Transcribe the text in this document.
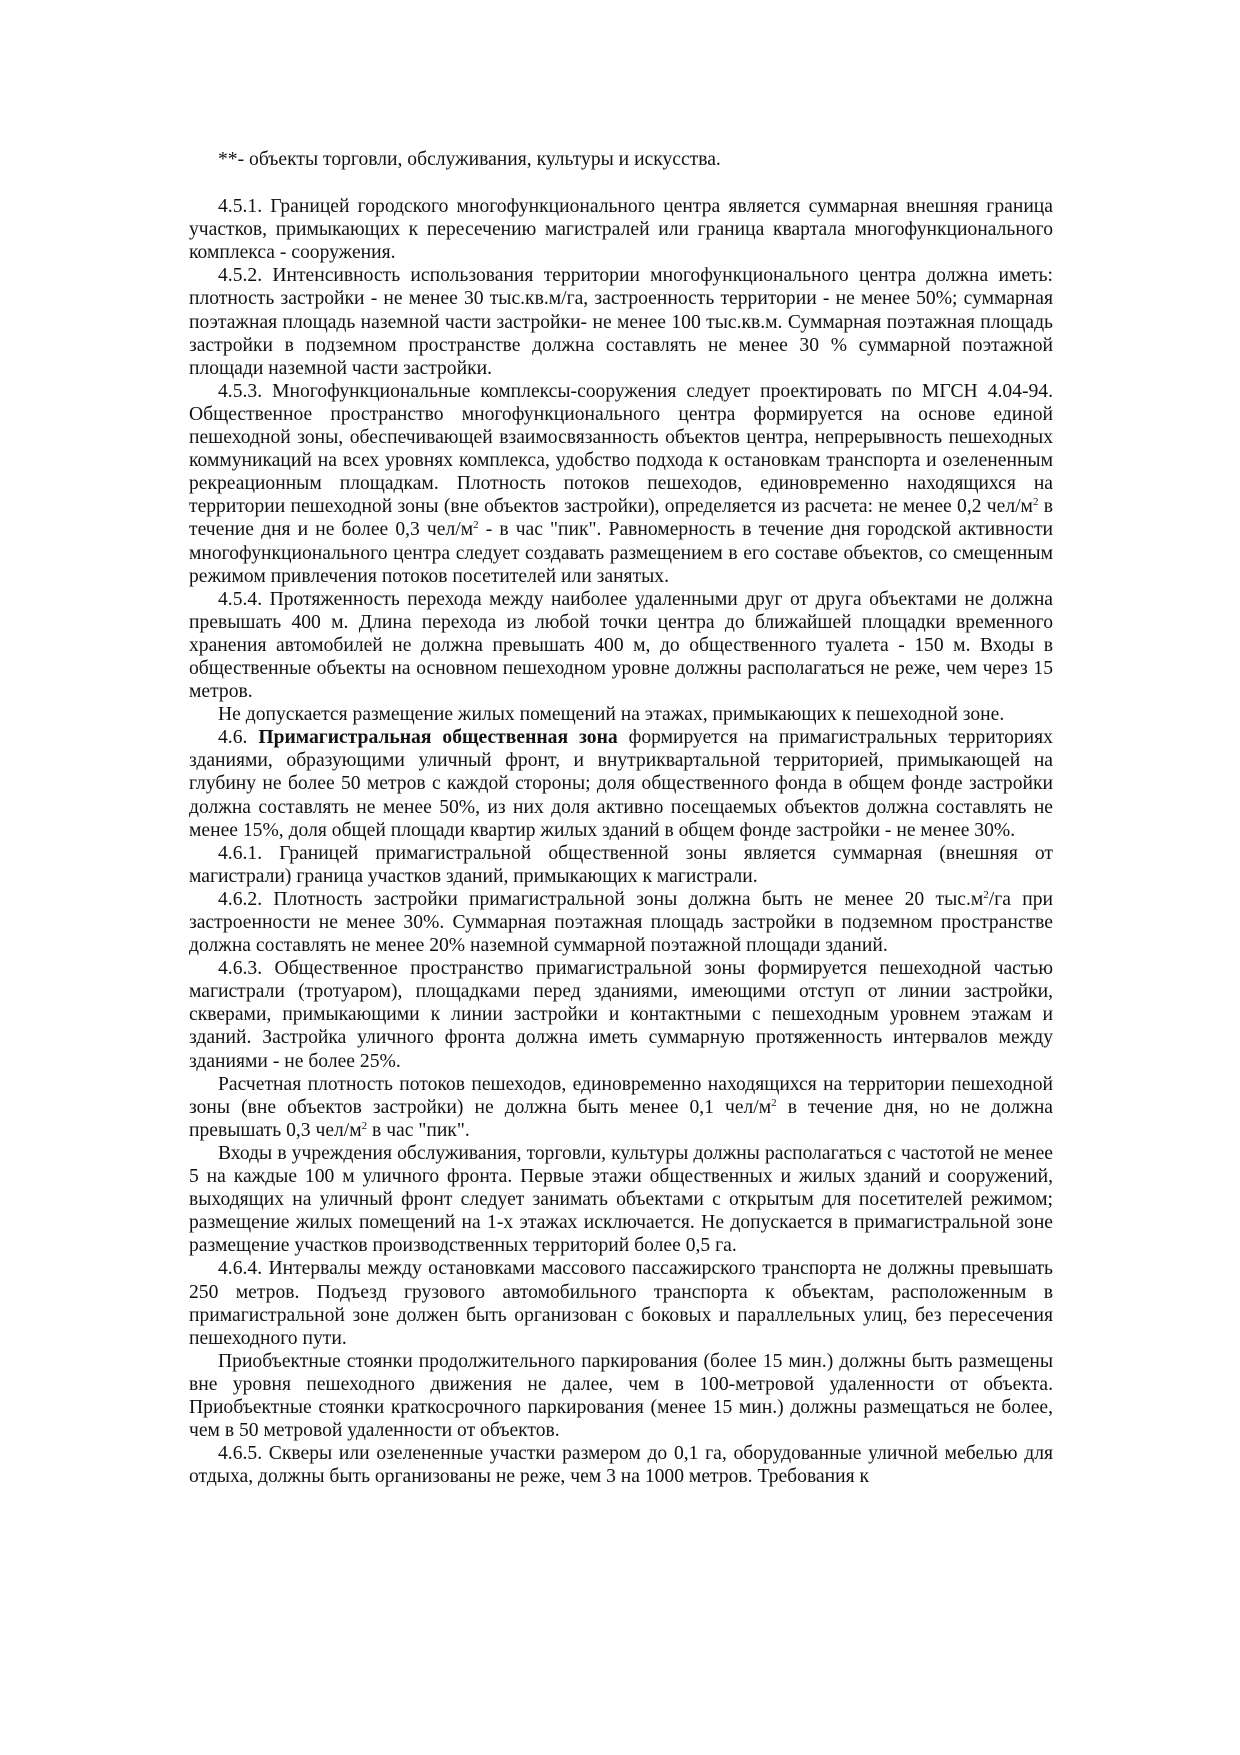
**- объекты торговли, обслуживания, культуры и искусства.

4.5.1. Границей городского многофункционального центра является суммарная внешняя граница участков, примыкающих к пересечению магистралей или граница квартала многофункционального комплекса - сооружения.

4.5.2. Интенсивность использования территории многофункционального центра должна иметь: плотность застройки - не менее 30 тыс.кв.м/га, застроенность территории - не менее 50%; суммарная поэтажная площадь наземной части застройки- не менее 100 тыс.кв.м. Суммарная поэтажная площадь застройки в подземном пространстве должна составлять не менее 30 % суммарной поэтажной площади наземной части застройки.

4.5.3. Многофункциональные комплексы-сооружения следует проектировать по МГСН 4.04-94. Общественное пространство многофункционального центра формируется на основе единой пешеходной зоны, обеспечивающей взаимосвязанность объектов центра, непрерывность пешеходных коммуникаций на всех уровнях комплекса, удобство подхода к остановкам транспорта и озелененным рекреационным площадкам. Плотность потоков пешеходов, единовременно находящихся на территории пешеходной зоны (вне объектов застройки), определяется из расчета: не менее 0,2 чел/$м^2$ в течение дня и не более 0,3 чел/$м^2$ - в час "пик". Равномерность в течение дня городской активности многофункционального центра следует создавать размещением в его составе объектов, со смещенным режимом привлечения потоков посетителей или занятых.

4.5.4. Протяженность перехода между наиболее удаленными друг от друга объектами не должна превышать 400 м. Длина перехода из любой точки центра до ближайшей площадки временного хранения автомобилей не должна превышать 400 м, до общественного туалета - 150 м. Входы в общественные объекты на основном пешеходном уровне должны располагаться не реже, чем через 15 метров.

Не допускается размещение жилых помещений на этажах, примыкающих к пешеходной зоне.

4.6. Примагистральная общественная зона формируется на примагистральных территориях зданиями, образующими уличный фронт, и внутриквартальной территорией, примыкающей на глубину не более 50 метров с каждой стороны; доля общественного фонда в общем фонде застройки должна составлять не менее 50%, из них доля активно посещаемых объектов должна составлять не менее 15%, доля общей площади квартир жилых зданий в общем фонде застройки - не менее 30%.

4.6.1. Границей примагистральной общественной зоны является суммарная (внешняя от магистрали) граница участков зданий, примыкающих к магистрали.

4.6.2. Плотность застройки примагистральной зоны должна быть не менее 20 $тыс.м^2/га$ при застроенности не менее 30%. Суммарная поэтажная площадь застройки в подземном пространстве должна составлять не менее 20% наземной суммарной поэтажной площади зданий.

4.6.3. Общественное пространство примагистральной зоны формируется пешеходной частью магистрали (тротуаром), площадками перед зданиями, имеющими отступ от линии застройки, скверами, примыкающими к линии застройки и контактными с пешеходным уровнем этажам и зданий. Застройка уличного фронта должна иметь суммарную протяженность интервалов между зданиями - не более 25%.

Расчетная плотность потоков пешеходов, единовременно находящихся на территории пешеходной зоны (вне объектов застройки) не должна быть менее 0,1 чел/$м^2$ в течение дня, но не должна превышать 0,3 чел/$м^2$ в час "пик".

Входы в учреждения обслуживания, торговли, культуры должны располагаться с частотой не менее 5 на каждые 100 м уличного фронта. Первые этажи общественных и жилых зданий и сооружений, выходящих на уличный фронт следует занимать объектами с открытым для посетителей режимом; размещение жилых помещений на 1-х этажах исключается. Не допускается в примагистральной зоне размещение участков производственных территорий более 0,5 га.

4.6.4. Интервалы между остановками массового пассажирского транспорта не должны превышать 250 метров. Подъезд грузового автомобильного транспорта к объектам, расположенным в примагистральной зоне должен быть организован с боковых и параллельных улиц, без пересечения пешеходного пути.

Приобъектные стоянки продолжительного паркирования (более 15 мин.) должны быть размещены вне уровня пешеходного движения не далее, чем в 100-метровой удаленности от объекта. Приобъектные стоянки краткосрочного паркирования (менее 15 мин.) должны размещаться не более, чем в 50 метровой удаленности от объектов.

4.6.5. Скверы или озелененные участки размером до 0,1 га, оборудованные уличной мебелью для отдыха, должны быть организованы не реже, чем 3 на 1000 метров. Требования к
